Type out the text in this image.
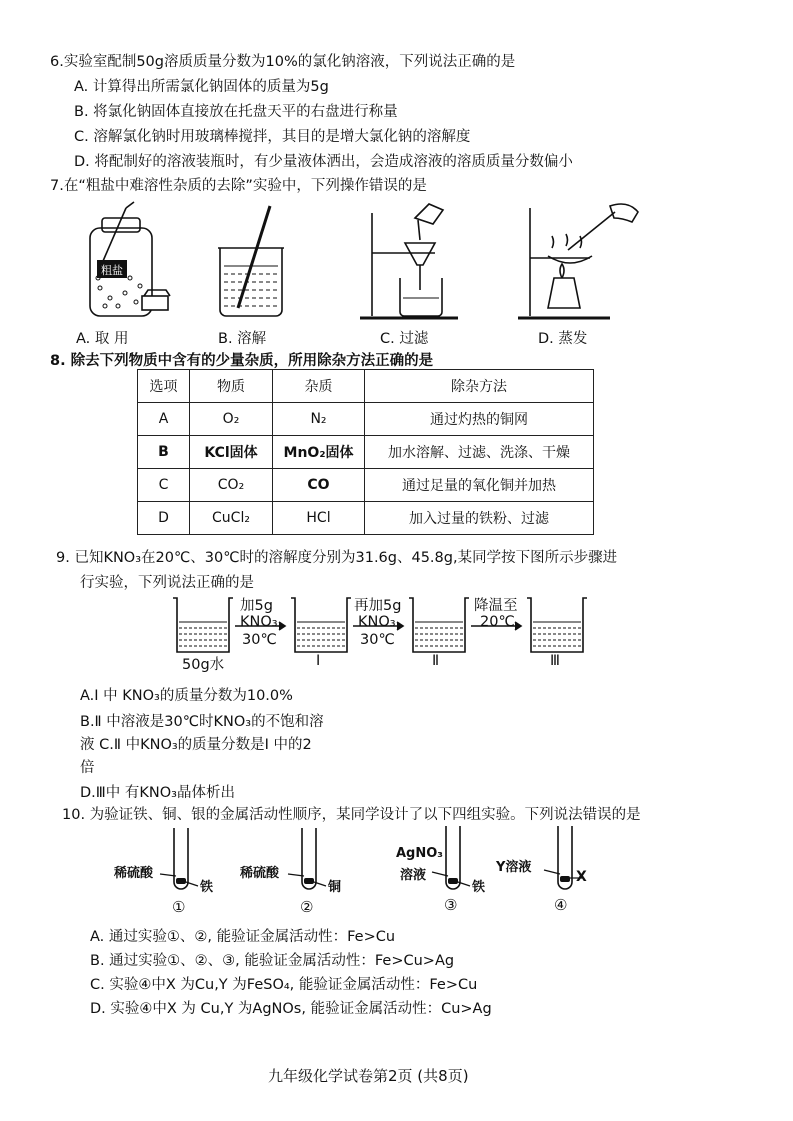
6.实验室配制50g溶质质量分数为10%的氯化钠溶液，下列说法正确的是
A. 计算得出所需氯化钠固体的质量为5g
B. 将氯化钠固体直接放在托盘天平的右盘进行称量
C. 溶解氯化钠时用玻璃棒搅拌，其目的是增大氯化钠的溶解度
D. 将配制好的溶液装瓶时，有少量液体洒出，会造成溶液的溶质质量分数偏小
7.在“粗盐中难溶性杂质的去除”实验中，下列操作错误的是
粗盐
A. 取 用	B. 溶解	C. 过滤	D. 蒸发
8. 除去下列物质中含有的少量杂质，所用除杂方法正确的是
选项	物质	杂质	除杂方法
A	O₂	N₂	通过灼热的铜网
B	KCl固体	MnO₂固体	加水溶解、过滤、洗涤、干燥
C	CO₂	CO	通过足量的氧化铜并加热
D	CuCl₂	HCl	加入过量的铁粉、过滤
9. 已知KNO₃在20℃、30℃时的溶解度分别为31.6g、45.8g,某同学按下图所示步骤进
行实验，下列说法正确的是
加5g
KNO₃
30℃
再加5g
KNO₃
30℃
降温至
20℃
50g水	Ⅰ	Ⅱ	Ⅲ
A.Ⅰ 中 KNO₃的质量分数为10.0%
B.Ⅱ 中溶液是30℃时KNO₃的不饱和溶
液 C.Ⅱ 中KNO₃的质量分数是Ⅰ 中的2
倍
D.Ⅲ中 有KNO₃晶体析出
10. 为验证铁、铜、银的金属活动性顺序，某同学设计了以下四组实验。下列说法错误的是
稀硫酸
铁
①
稀硫酸
铜
②
AgNO₃
溶液
铁
③
Y溶液
X
④
A. 通过实验①、②, 能验证金属活动性：Fe>Cu
B. 通过实验①、②、③, 能验证金属活动性：Fe>Cu>Ag
C. 实验④中X 为Cu,Y 为FeSO₄, 能验证金属活动性：Fe>Cu
D. 实验④中X 为 Cu,Y 为AgNOs, 能验证金属活动性：Cu>Ag
九年级化学试卷第2页 (共8页)
